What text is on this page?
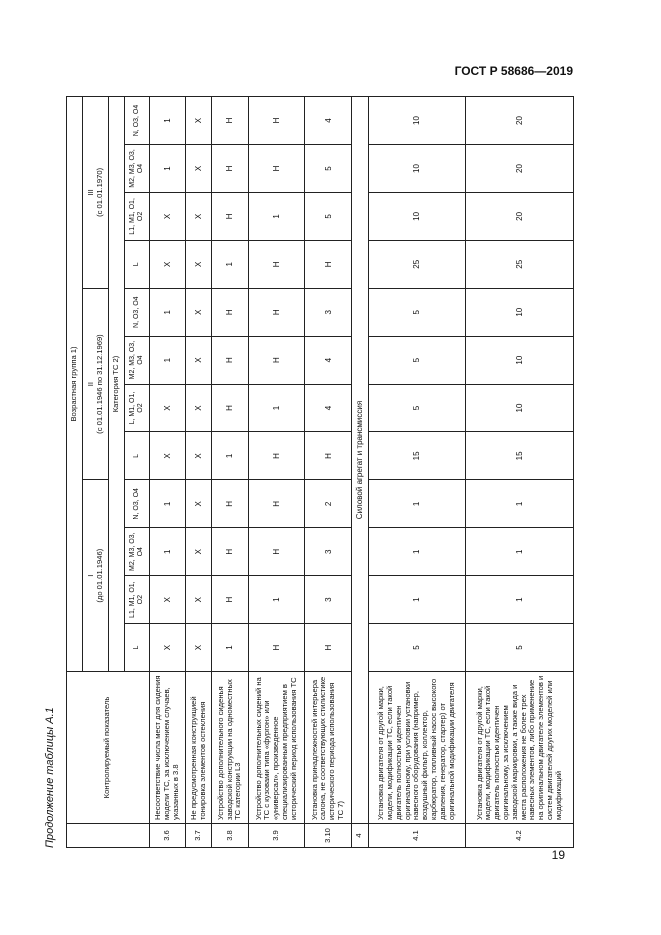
ГОСТ Р 58686—2019
Продолжение таблицы А.1
		Контролируемый показатель	Возрастная группа 1)											
		I
(до 01.01.1946)				II
(с 01.01.1946 по 31.12.1969)				III
(с 01.01.1970)			
		Категория ТС 2)											
		L	L1, M1, O1, O2	M2, M3, O3, O4	N, O3, O4	L	L, M1, O1, O2	M2, M3, O3, O4	N, O3, O4	L	L1, M1, O1, O2	M2, M3, O3, O4	N, O3, O4
3.6	Несоответствие числа мест для сидения модели ТС, за исключением случаев, указанных в 3.8	X	X	1	1	X	X	1	1	X	X	1	1
3.7	Не предусмотренная конструкцией тонировка элементов остекления	X	X	X	X	X	X	X	X	X	X	X	X
3.8	Устройство дополнительного сиденья заводской конструкции на одноместных ТС категории L3	1	H	H	H	1	H	H	H	1	H	H	H
3.9	Устройство дополнительных сидений на ТС с кузовами типа «фургон» или «универсал», произведенное специализированным предприятием в исторический период использования ТС	H	1	H	H	H	1	H	H	H	1	H	H
3.10	Установка принадлежностей интерьера салона, не соответствующих стилистике исторического периода использования ТС 7)	H	3	3	2	H	4	4	3	H	5	5	4
4	Силовой агрегат и трансмиссия												
4.1	Установка двигателя от другой марки, модели, модификации ТС, если такой двигатель полностью идентичен оригинальному, при условии установки навесного оборудования (например, воздушный фильтр, коллектор, карбюратор, топливный насос высокого давления, генератор, стартер) от оригинальной модификации двигателя	5	1	1	1	15	5	5	5	25	10	10	10
4.2	Установка двигателя от другой марки, модели, модификации ТС, если такой двигатель полностью идентичен оригинальному, за исключением заводской маркировки, а также вида и места расположения не более трех навесных элементов, либо применение на оригинальном двигателе элементов и систем двигателей других моделей или модификаций	5	1	1	1	15	10	10	10	25	20	20	20
19
